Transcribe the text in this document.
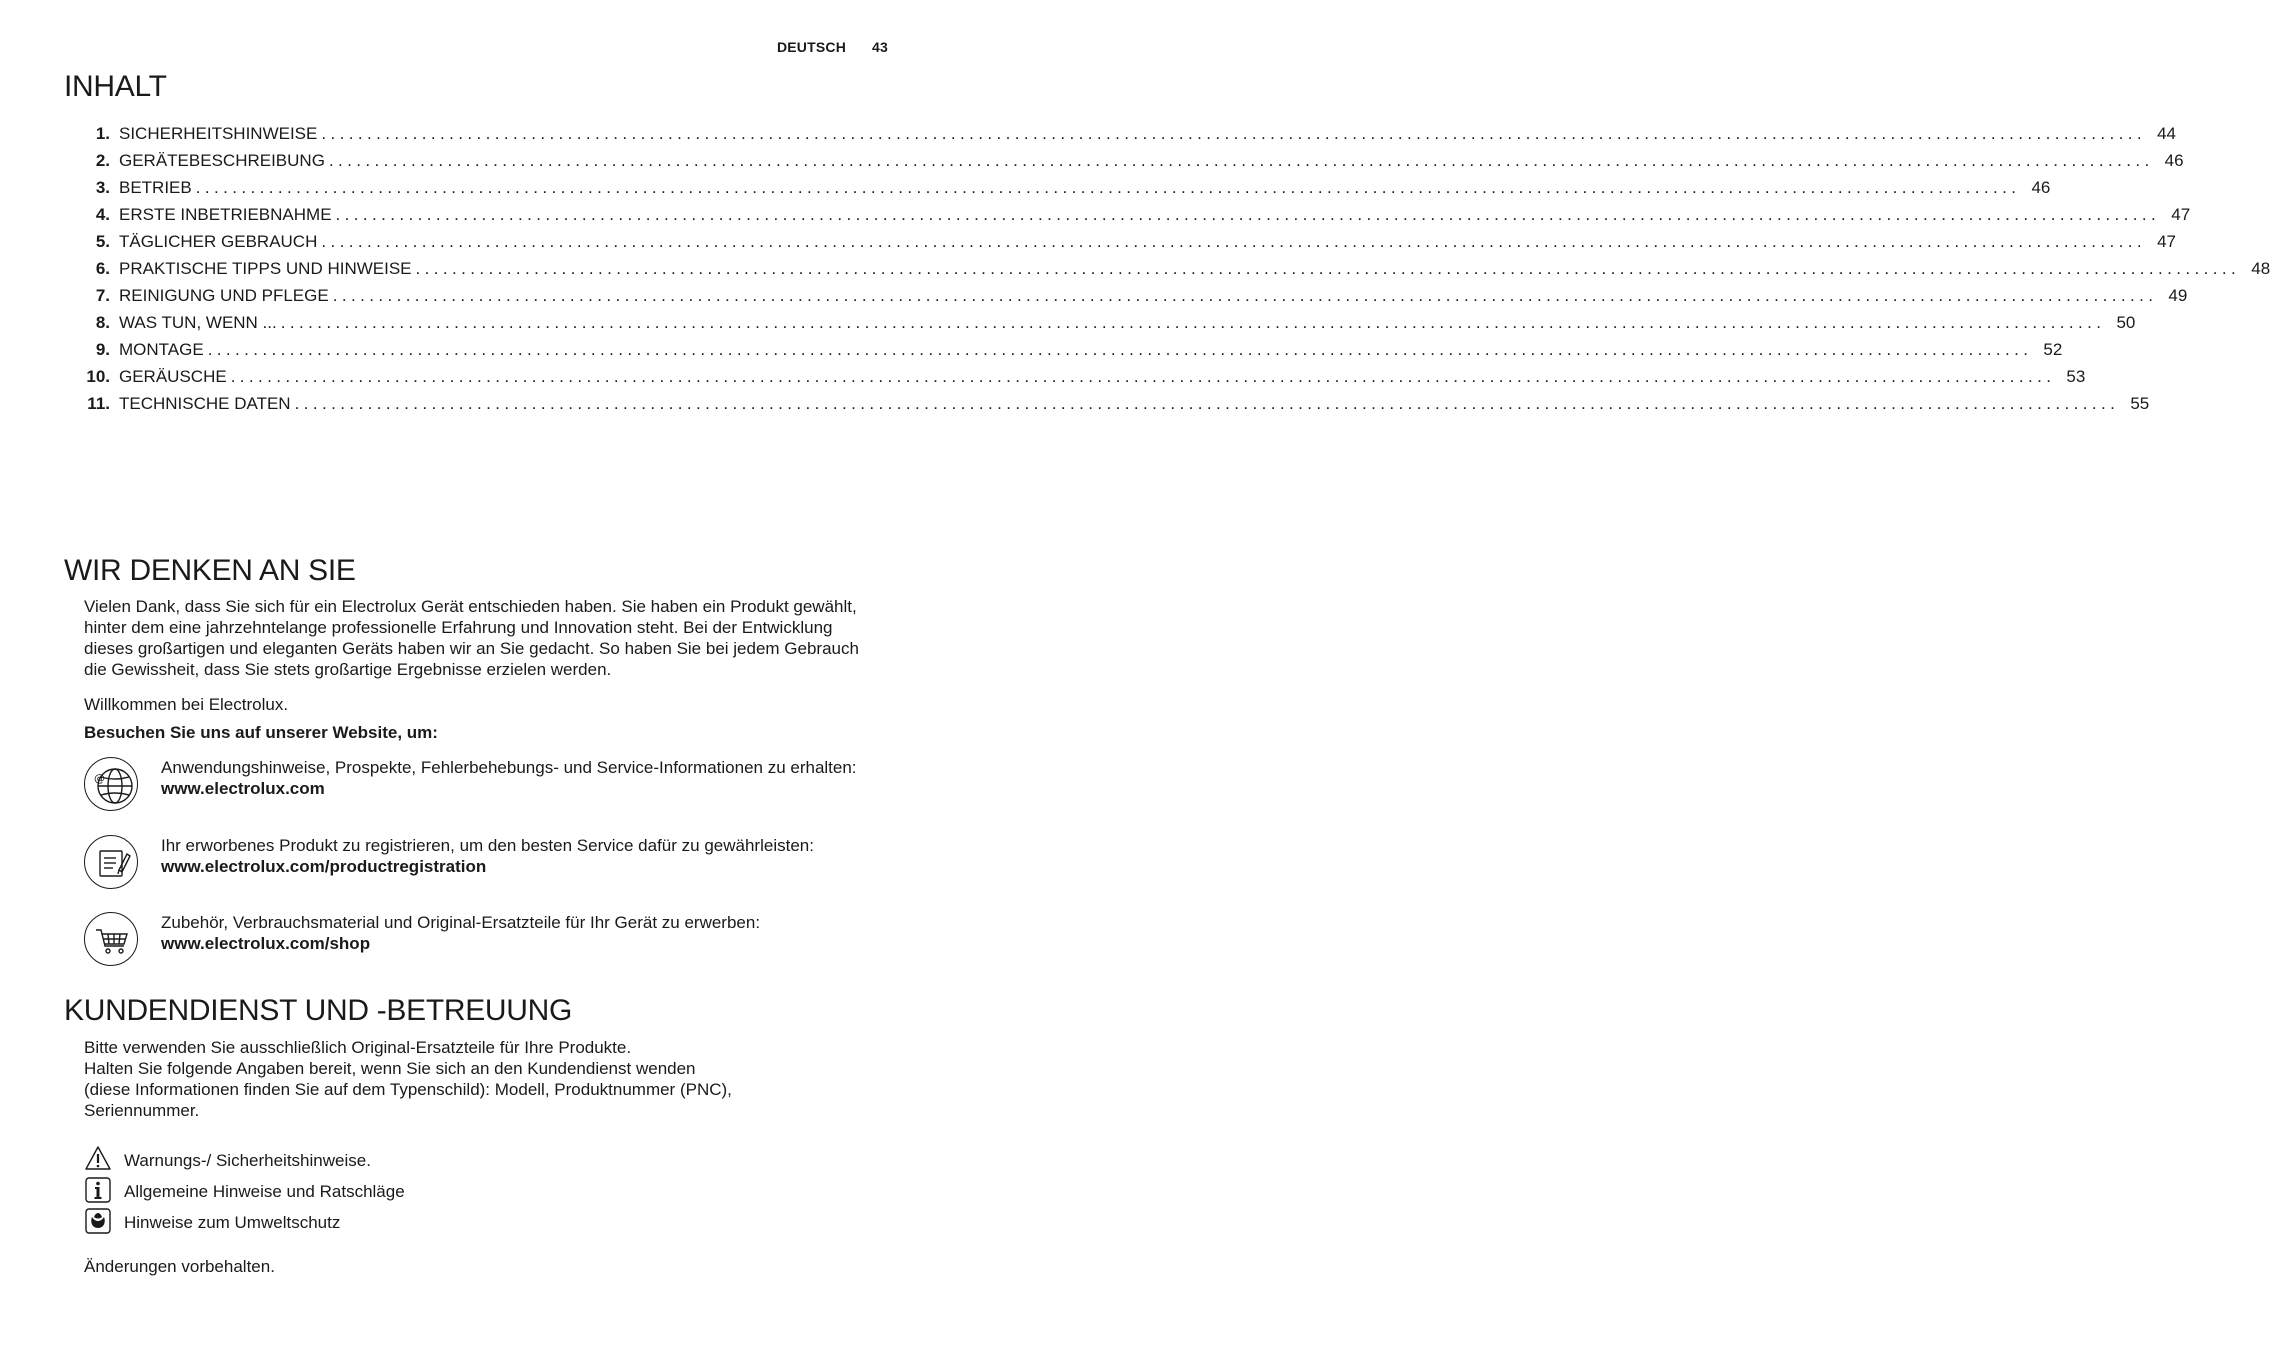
DEUTSCH 43
INHALT
1. SICHERHEITSHINWEISE ........................................................................................................................................................................................................ 44
2. GERÄTEBESCHREIBUNG ........................................................................................................................................................................................................ 46
3. BETRIEB ........................................................................................................................................................................................................ 46
4. ERSTE INBETRIEBNAHME ........................................................................................................................................................................................................ 47
5. TÄGLICHER GEBRAUCH ........................................................................................................................................................................................................ 47
6. PRAKTISCHE TIPPS UND HINWEISE ........................................................................................................................................................................................................ 48
7. REINIGUNG UND PFLEGE ........................................................................................................................................................................................................ 49
8. WAS TUN, WENN ... ........................................................................................................................................................................................................ 50
9. MONTAGE ........................................................................................................................................................................................................ 52
10. GERÄUSCHE ........................................................................................................................................................................................................ 53
11. TECHNISCHE DATEN ........................................................................................................................................................................................................ 55
WIR DENKEN AN SIE

Vielen Dank, dass Sie sich für ein Electrolux Gerät entschieden haben. Sie haben ein Produkt gewählt, hinter dem eine jahrzehntelange professionelle Erfahrung und Innovation steht. Bei der Entwicklung dieses großartigen und eleganten Geräts haben wir an Sie gedacht. So haben Sie bei jedem Gebrauch die Gewissheit, dass Sie stets großartige Ergebnisse erzielen werden.

Willkommen bei Electrolux.

Besuchen Sie uns auf unserer Website, um:

@
Anwendungshinweise, Prospekte, Fehlerbehebungs- und Service-Informationen zu erhalten:
www.electrolux.com
Ihr erworbenes Produkt zu registrieren, um den besten Service dafür zu gewährleisten:
www.electrolux.com/productregistration
Zubehör, Verbrauchsmaterial und Original-Ersatzteile für Ihr Gerät zu erwerben:
www.electrolux.com/shop
KUNDENDIENST UND -BETREUUNG
Bitte verwenden Sie ausschließlich Original-Ersatzteile für Ihre Produkte.
Halten Sie folgende Angaben bereit, wenn Sie sich an den Kundendienst wenden
(diese Informationen finden Sie auf dem Typenschild): Modell, Produktnummer (PNC),
Seriennummer.
Warnungs-/ Sicherheitshinweise.
Allgemeine Hinweise und Ratschläge
Hinweise zum Umweltschutz

Änderungen vorbehalten.
